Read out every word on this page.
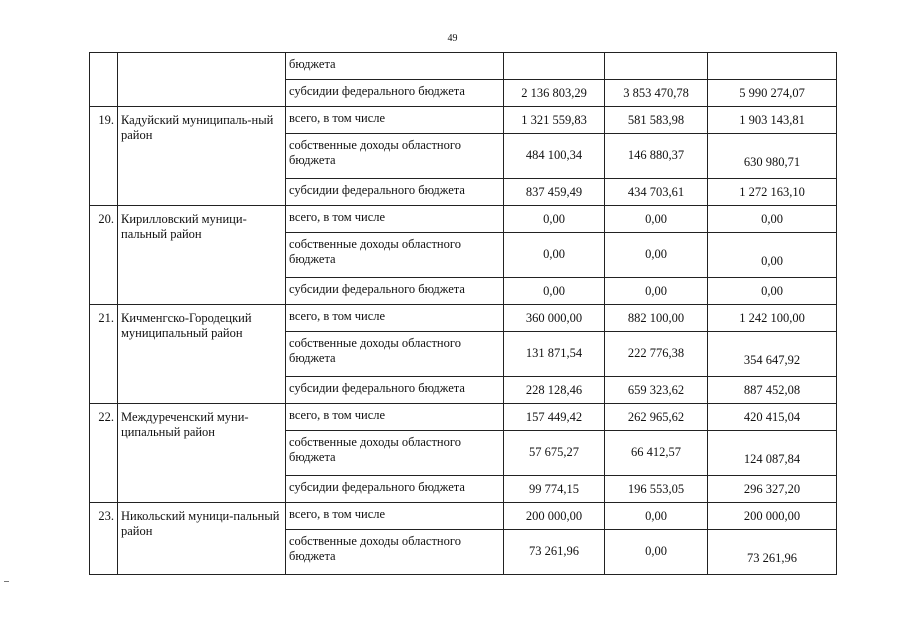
49
		бюджета			
		субсидии федерального бюджета	2 136 803,29	3 853 470,78	5 990 274,07
19.	Кадуйский муниципаль-ный район	всего, в том числе	1 321 559,83	581 583,98	1 903 143,81
		собственные доходы областного бюджета	484 100,34	146 880,37	630 980,71
		субсидии федерального бюджета	837 459,49	434 703,61	1 272 163,10
20.	Кирилловский муници-пальный район	всего, в том числе	0,00	0,00	0,00
		собственные доходы областного бюджета	0,00	0,00	0,00
		субсидии федерального бюджета	0,00	0,00	0,00
21.	Кичменгско-Городецкий муниципальный район	всего, в том числе	360 000,00	882 100,00	1 242 100,00
		собственные доходы областного бюджета	131 871,54	222 776,38	354 647,92
		субсидии федерального бюджета	228 128,46	659 323,62	887 452,08
22.	Междуреченский муни-ципальный район	всего, в том числе	157 449,42	262 965,62	420 415,04
		собственные доходы областного бюджета	57 675,27	66 412,57	124 087,84
		субсидии федерального бюджета	99 774,15	196 553,05	296 327,20
23.	Никольский муници-пальный район	всего, в том числе	200 000,00	0,00	200 000,00
		собственные доходы областного бюджета	73 261,96	0,00	73 261,96
